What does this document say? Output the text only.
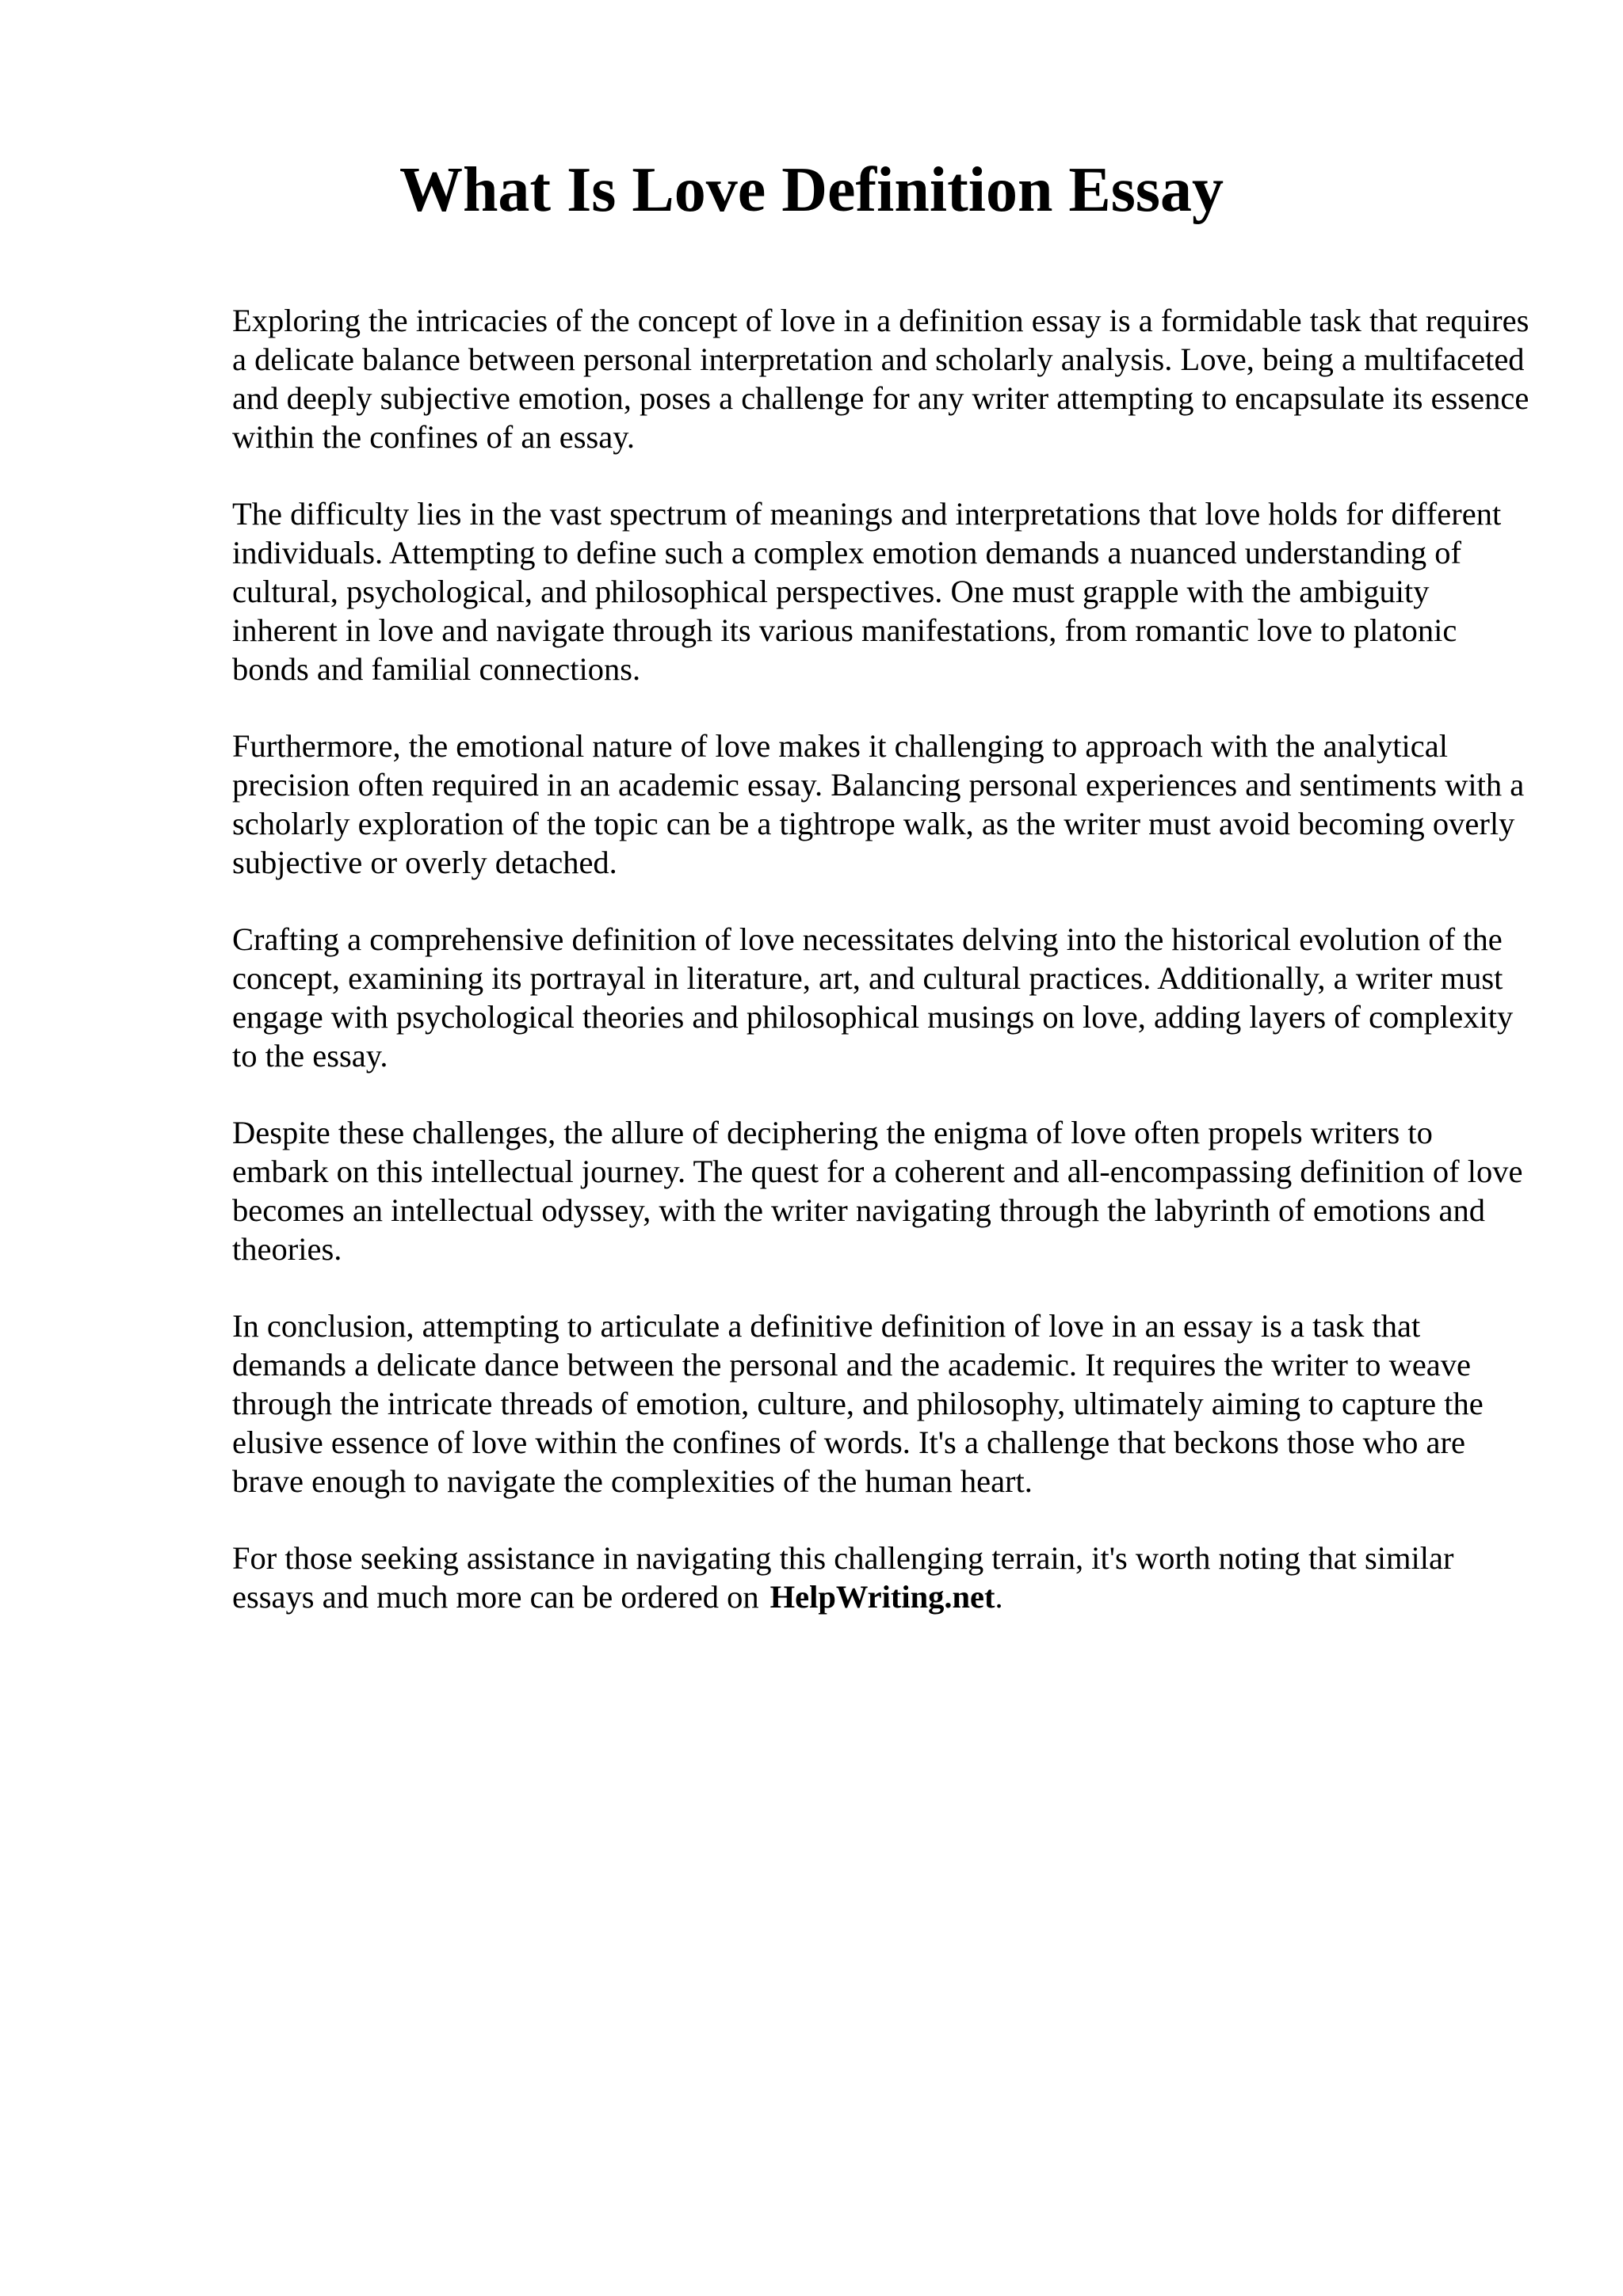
What Is Love Definition Essay

Exploring the intricacies of the concept of love in a definition essay is a formidable task that requires a delicate balance between personal interpretation and scholarly analysis. Love, being a multifaceted and deeply subjective emotion, poses a challenge for any writer attempting to encapsulate its essence within the confines of an essay.

The difficulty lies in the vast spectrum of meanings and interpretations that love holds for different individuals. Attempting to define such a complex emotion demands a nuanced understanding of cultural, psychological, and philosophical perspectives. One must grapple with the ambiguity inherent in love and navigate through its various manifestations, from romantic love to platonic bonds and familial connections.

Furthermore, the emotional nature of love makes it challenging to approach with the analytical precision often required in an academic essay. Balancing personal experiences and sentiments with a scholarly exploration of the topic can be a tightrope walk, as the writer must avoid becoming overly subjective or overly detached.

Crafting a comprehensive definition of love necessitates delving into the historical evolution of the concept, examining its portrayal in literature, art, and cultural practices. Additionally, a writer must engage with psychological theories and philosophical musings on love, adding layers of complexity to the essay.

Despite these challenges, the allure of deciphering the enigma of love often propels writers to embark on this intellectual journey. The quest for a coherent and all-encompassing definition of love becomes an intellectual odyssey, with the writer navigating through the labyrinth of emotions and theories.

In conclusion, attempting to articulate a definitive definition of love in an essay is a task that demands a delicate dance between the personal and the academic. It requires the writer to weave through the intricate threads of emotion, culture, and philosophy, ultimately aiming to capture the elusive essence of love within the confines of words. It's a challenge that beckons those who are brave enough to navigate the complexities of the human heart.

For those seeking assistance in navigating this challenging terrain, it's worth noting that similar essays and much more can be ordered on HelpWriting.net.
